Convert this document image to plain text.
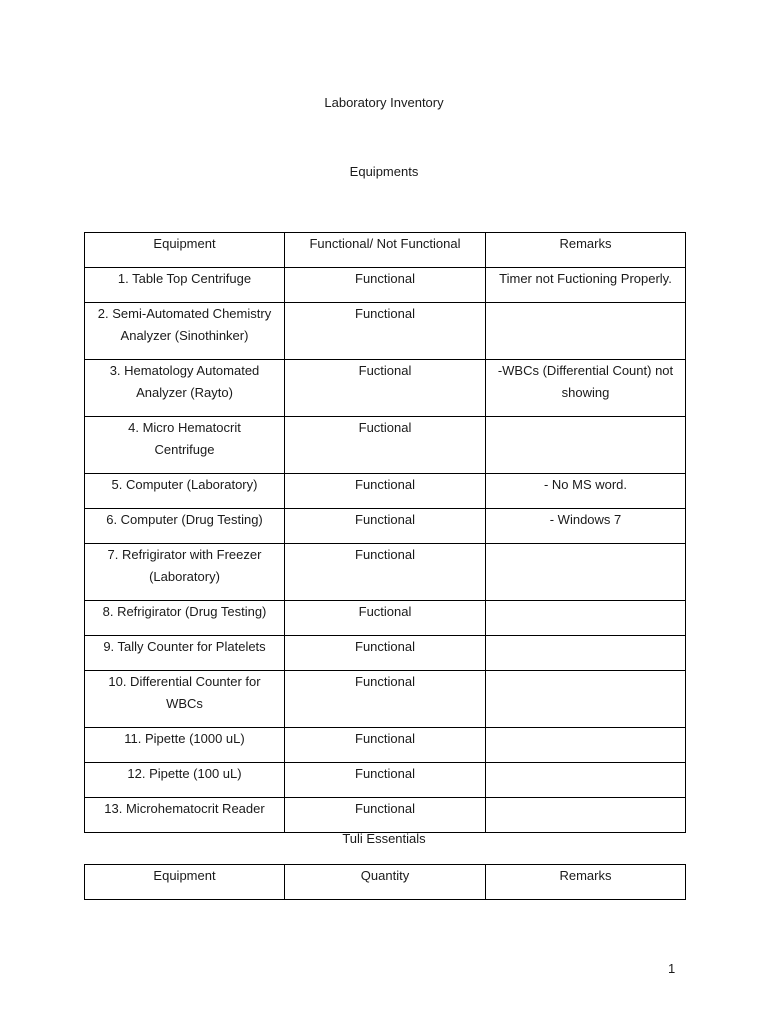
Laboratory Inventory
Equipments
Equipment	Functional/ Not Functional	Remarks

1. Table Top Centrifuge	Functional	Timer not Fuctioning Properly.

2. Semi-Automated Chemistry
Analyzer (Sinothinker)	Functional	

3. Hematology Automated
Analyzer (Rayto)	Fuctional	-WBCs (Differential Count) not
showing

4. Micro Hematocrit
Centrifuge	Fuctional	

5. Computer (Laboratory)	Functional	- No MS word.

6. Computer (Drug Testing)	Functional	- Windows 7

7. Refrigirator with Freezer
(Laboratory)	Functional	

8. Refrigirator (Drug Testing)	Fuctional	

9. Tally Counter for Platelets	Functional	

10. Differential Counter for
WBCs	Functional	

11. Pipette (1000 uL)	Functional	

12. Pipette (100 uL)	Functional	

13. Microhematocrit Reader	Functional	
Tuli Essentials
Equipment	Quantity	Remarks
1
